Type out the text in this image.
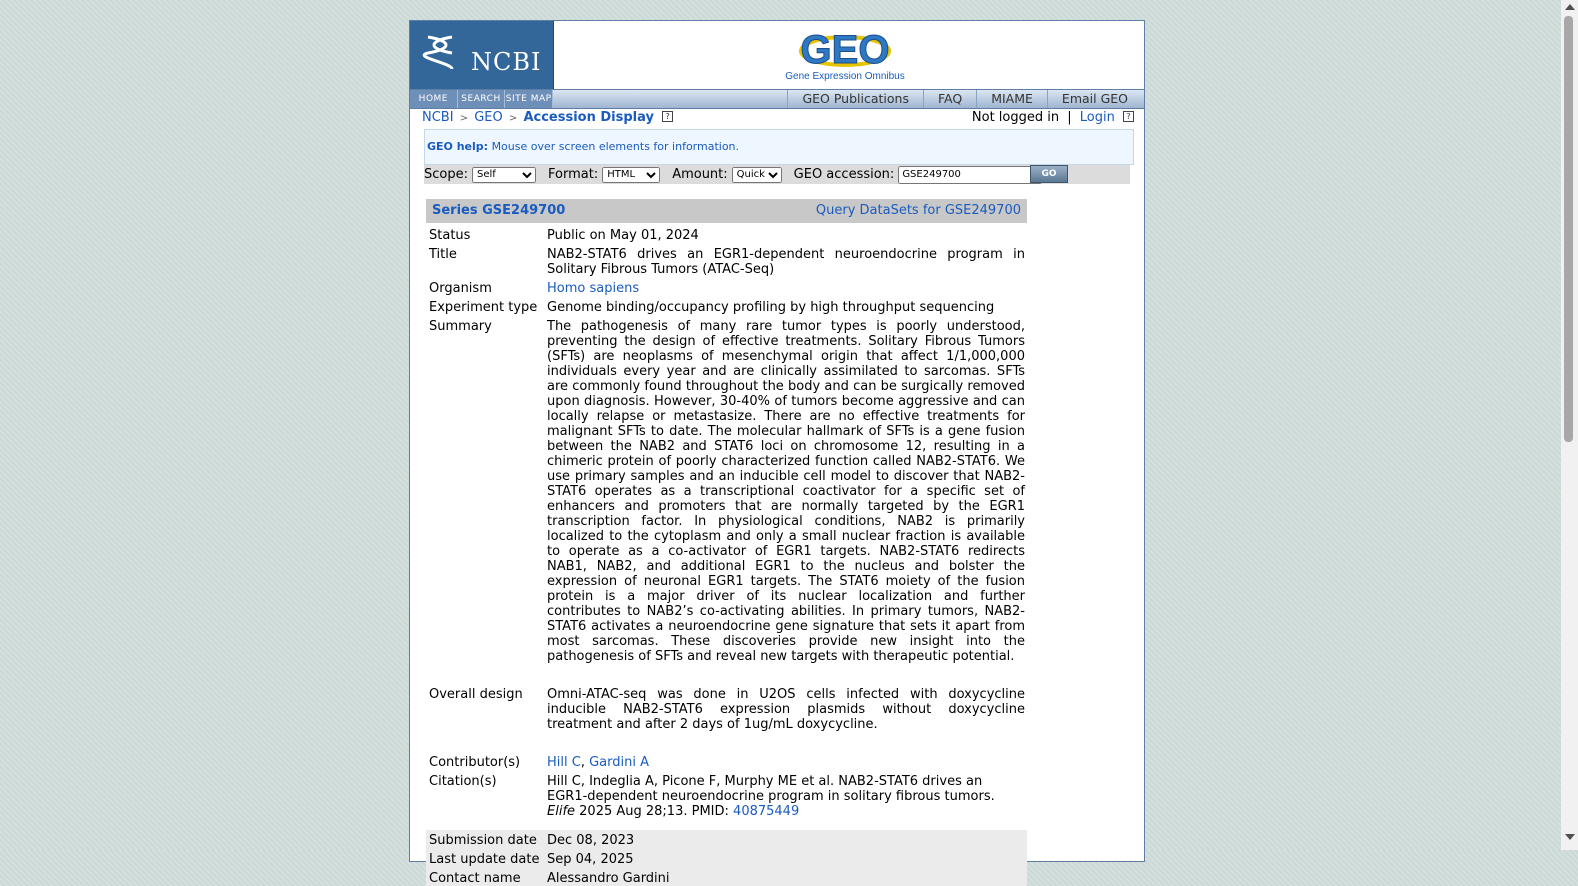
NCBI	GEO
Gene Expression Omnibus
HOME	SEARCH SITE MAP	GEO Publications	FAQ	MIAME	Email GEO
NCBI > GEO > Accession Display ?	Not logged in | Login ?
GEO help: Mouse over screen elements for information.
Scope:
Self	Format:
HTML	Amount:
Quick	GEO accession:
GSE249700	GO
Series GSE249700	Query DataSets for GSE249700
Status	Public on May 01, 2024
Title	NAB2-STAT6 drives an EGR1-dependent neuroendocrine program in Solitary Fibrous Tumors (ATAC-Seq)
Organism	Homo sapiens
Experiment type Genome binding/occupancy profiling by high throughput sequencing
Summary	The pathogenesis of many rare tumor types is poorly understood, preventing the design of effective treatments. Solitary Fibrous Tumors (SFTs) are neoplasms of mesenchymal origin that affect 1/1,000,000 individuals every year and are clinically assimilated to sarcomas. SFTs are commonly found throughout the body and can be surgically removed upon diagnosis. However, 30-40% of tumors become aggressive and can locally relapse or metastasize. There are no effective treatments for malignant SFTs to date. The molecular hallmark of SFTs is a gene fusion between the NAB2 and STAT6 loci on chromosome 12, resulting in a chimeric protein of poorly characterized function called NAB2-STAT6. We use primary samples and an inducible cell model to discover that NAB2-STAT6 operates as a transcriptional coactivator for a specific set of enhancers and promoters that are normally targeted by the EGR1 transcription factor. In physiological conditions, NAB2 is primarily localized to the cytoplasm and only a small nuclear fraction is available to operate as a co-activator of EGR1 targets. NAB2-STAT6 redirects NAB1, NAB2, and additional EGR1 to the nucleus and bolster the expression of neuronal EGR1 targets. The STAT6 moiety of the fusion protein is a major driver of its nuclear localization and further contributes to NAB2’s co-activating abilities. In primary tumors, NAB2-STAT6 activates a neuroendocrine gene signature that sets it apart from most sarcomas. These discoveries provide new insight into the pathogenesis of SFTs and reveal new targets with therapeutic potential.
Overall design	Omni-ATAC-seq was done in U2OS cells infected with doxycycline inducible NAB2-STAT6 expression plasmids without doxycycline treatment and after 2 days of 1ug/mL doxycycline.
Contributor(s)	Hill C, Gardini A
Citation(s)	Hill C, Indeglia A, Picone F, Murphy ME et al. NAB2-STAT6 drives an EGR1-dependent neuroendocrine program in solitary fibrous tumors. Elife 2025 Aug 28;13. PMID: 40875449
Submission date Dec 08, 2023
Last update date Sep 04, 2025
Contact name	Alessandro Gardini
